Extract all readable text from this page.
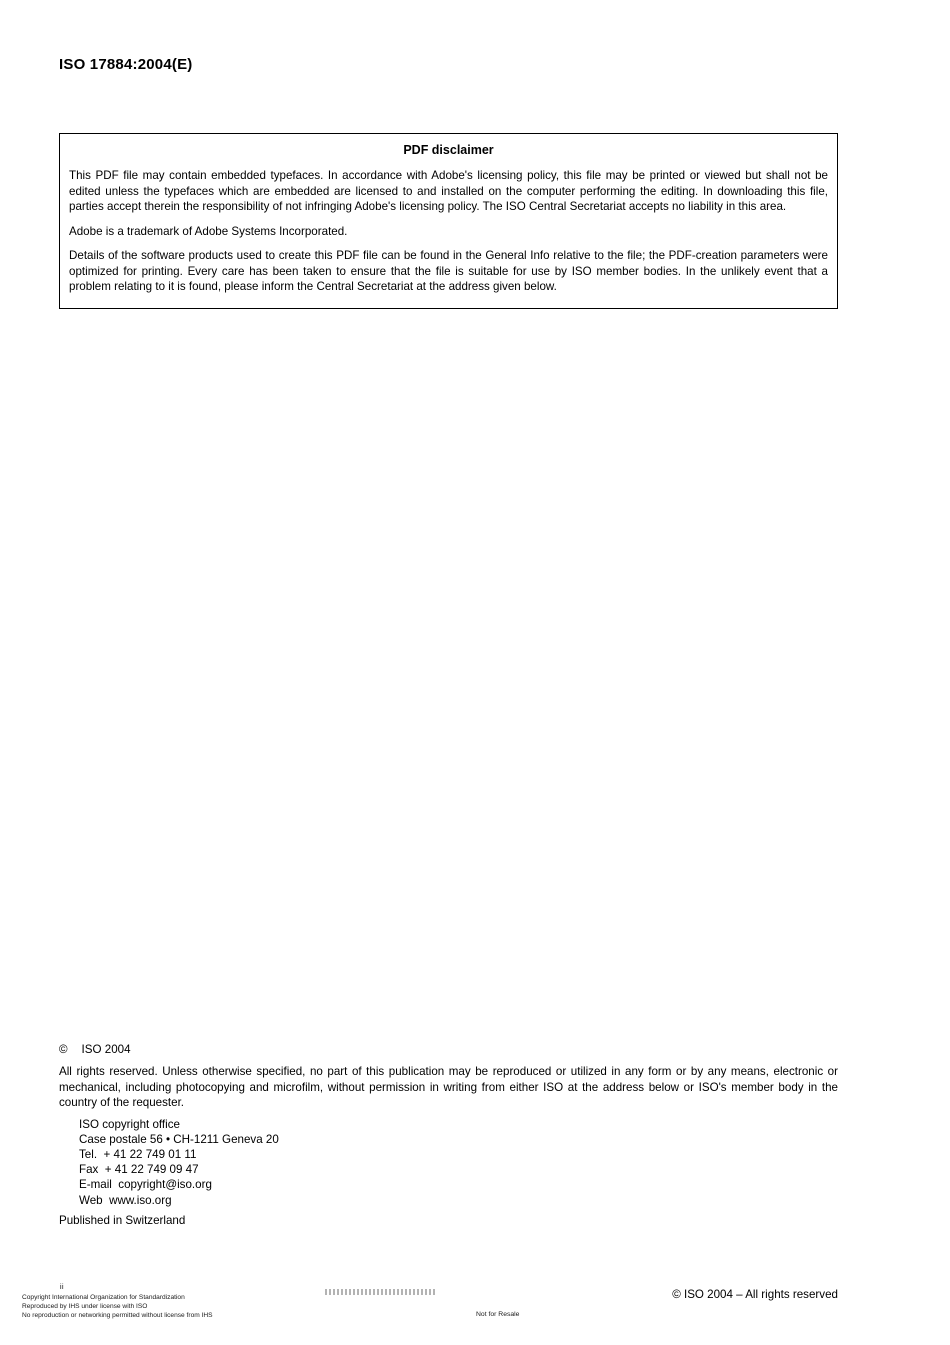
ISO 17884:2004(E)
PDF disclaimer

This PDF file may contain embedded typefaces. In accordance with Adobe's licensing policy, this file may be printed or viewed but shall not be edited unless the typefaces which are embedded are licensed to and installed on the computer performing the editing. In downloading this file, parties accept therein the responsibility of not infringing Adobe's licensing policy. The ISO Central Secretariat accepts no liability in this area.

Adobe is a trademark of Adobe Systems Incorporated.

Details of the software products used to create this PDF file can be found in the General Info relative to the file; the PDF-creation parameters were optimized for printing. Every care has been taken to ensure that the file is suitable for use by ISO member bodies. In the unlikely event that a problem relating to it is found, please inform the Central Secretariat at the address given below.

© ISO 2004
All rights reserved. Unless otherwise specified, no part of this publication may be reproduced or utilized in any form or by any means, electronic or mechanical, including photocopying and microfilm, without permission in writing from either ISO at the address below or ISO's member body in the country of the requester.
ISO copyright office
Case postale 56 • CH-1211 Geneva 20
Tel.  + 41 22 749 01 11
Fax  + 41 22 749 09 47
E-mail  copyright@iso.org
Web  www.iso.org
Published in Switzerland
ii
Copyright International Organization for Standardization
Reproduced by IHS under license with ISO
No reproduction or networking permitted without license from IHS	Not for Resale
© ISO 2004 – All rights reserved
